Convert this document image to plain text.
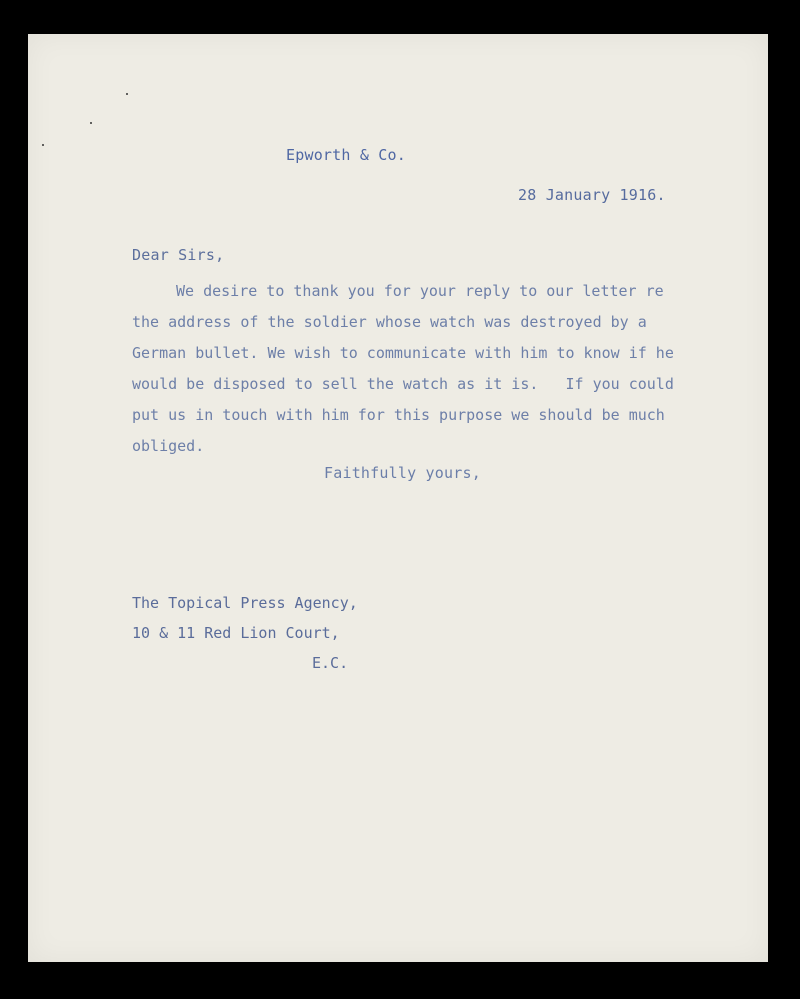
Epworth & Co.
28 January 1916.
Dear Sirs,
We desire to thank you for your reply to our letter re
the address of the soldier whose watch was destroyed by a
German bullet. We wish to communicate with him to know if he
would be disposed to sell the watch as it is.   If you could
put us in touch with him for this purpose we should be much
obliged.
Faithfully yours,
The Topical Press Agency,
10 & 11 Red Lion Court,
E.C.
